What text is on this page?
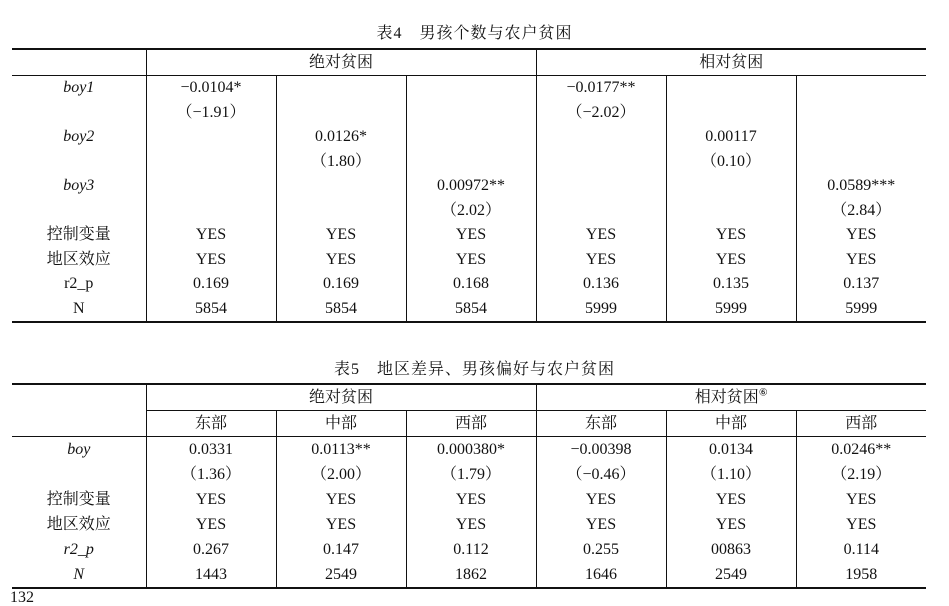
表4　男孩个数与农户贫困
	绝对贫困			相对贫困		
boy1	−0.0104*			−0.0177**		
	（−1.91）			（−2.02）		
boy2		0.0126*			0.00117	
		（1.80）			（0.10）	
boy3			0.00972**			0.0589***
			（2.02）			（2.84）
控制变量	YES	YES	YES	YES	YES	YES
地区效应	YES	YES	YES	YES	YES	YES
r2_p	0.169	0.169	0.168	0.136	0.135	0.137
N	5854	5854	5854	5999	5999	5999
表5　地区差异、男孩偏好与农户贫困
	绝对贫困			相对贫困⑥
	东部	中部	西部	东部	中部	西部
boy	0.0331	0.0113**	0.000380*	−0.00398	0.0134	0.0246**
	（1.36）	（2.00）	（1.79）	（−0.46）	（1.10）	（2.19）
控制变量	YES	YES	YES	YES	YES	YES
地区效应	YES	YES	YES	YES	YES	YES
r2_p	0.267	0.147	0.112	0.255	00863	0.114
N	1443	2549	1862	1646	2549	1958
132
